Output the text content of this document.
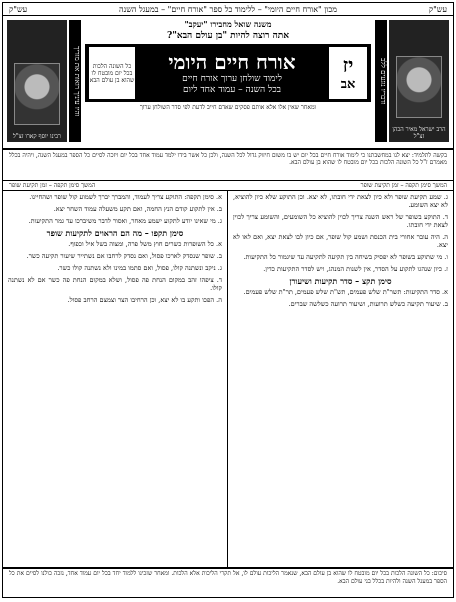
עש"ק
מכון "אורח חיים היומי" – ללימוד כל ספר "אורח חיים" – במעגל השנה
עש"ק
רבינו יוסף קארו זצ"ל
והיו עיניך רואות את מוריך
משנה שואל מחבירו "יעקב"
אתה רוצה להיות "בן עולם הבא"?
יז
אב
אורח חיים היומי
לימוד שולחן ערוך אורח חיים
בכל השנה – עמוד אחד ליום
כל השונה הלכות בכל יום מובטח לו שהוא בן עולם הבא
ומאחר שאין אלו אלא אותם פסקים שאדם חייב לדעת לפי סדר השולחן ערוך
ודבריו נוגעים ללב
הרב ישראל מאיר הכהן זצ"ל
בקשה לתלמיד: יצא לנו במחשבתנו כי לימוד אורח חיים בכל יום יש בו משום חיזוק גדול לכל השנה, ולכן כל אשר בידו ילמד עמוד אחד בכל יום ויזכה לסיים כל הספר במעגל השנה, ויהיה בכלל מאמרם ז"ל כל השונה הלכות בכל יום מובטח לו שהוא בן עולם הבא.
המשך סימן תקפה – זמן תקיעת שופר
המשך סימן תקפה – זמן תקיעת שופר

ג. שמע תקיעת שופר ולא כיון לצאת ידי חובתו, לא יצא. וכן התוקע שלא כיון להוציא, לא יצא השומע.

ד. התוקע בשופר של ראש השנה צריך לכוין להוציא כל השומעים, והשומע צריך לכוין לצאת ידי חובתו.

ה. היה עובר אחורי בית הכנסת ושמע קול שופר, אם כיון לבו לצאת יצא, ואם לאו לא יצא.

ו. מי שתוקע בשופר לא יפסיק בשיחה בין תקיעה לתקיעה עד שיגמור כל התקיעות.

ז. כיון שנהגו לתקוע על הסדר, אין לשנות המנהג, ויש לסדר התקיעות כדין.

סימן תקצ – סדר תקיעות ושיעורן

א. סדר התקיעות: תשר"ת שלש פעמים, תש"ת שלש פעמים, תר"ת שלש פעמים.

ב. שיעור תקיעה כשלש תרועות, ושיעור תרועה כשלשה שברים.

א. סימן תקפה: התוקע צריך לעמוד, והמברך יברך לשמוע קול שופר ושהחיינו.

ב. אין לתקוע קודם הנץ החמה, ואם תקע משעלה עמוד השחר יצא.

ג. מי שאינו יודע לתקוע ישמע מאחר, ואסור לדבר משיברכו עד גמר התקיעות.

סימן תקפו – מה הם הראוים לתקיעות שופר

א. כל השופרות כשרים חוץ משל פרה, ומצוה בשל איל וכפוף.

ב. שופר שנסדק לארכו פסול, ואם נסדק לרחבו אם נשתייר שיעור תקיעה כשר.

ג. ניקב ונשתנה קולו, פסול, ואם סתמו במינו ולא נשתנה קולו כשר.

ד. ציפהו זהב במקום הנחת פה פסול, ושלא במקום הנחת פה כשר אם לא נשתנה קולו.

ה. הפכו ותקע בו לא יצא, וכן הרחיבו הצר וצמצם הרחב פסול.

סיכום: כל השונה הלכות בכל יום מובטח לו שהוא בן עולם הבא, שנאמר הליכות עולם לו, אל תקרי הליכות אלא הלכות. ומאחר שזכינו ללמוד יחד בכל יום עמוד אחד, נזכה כולנו לסיים את כל הספר במעגל השנה ולהיות בכלל בני עולם הבא.
